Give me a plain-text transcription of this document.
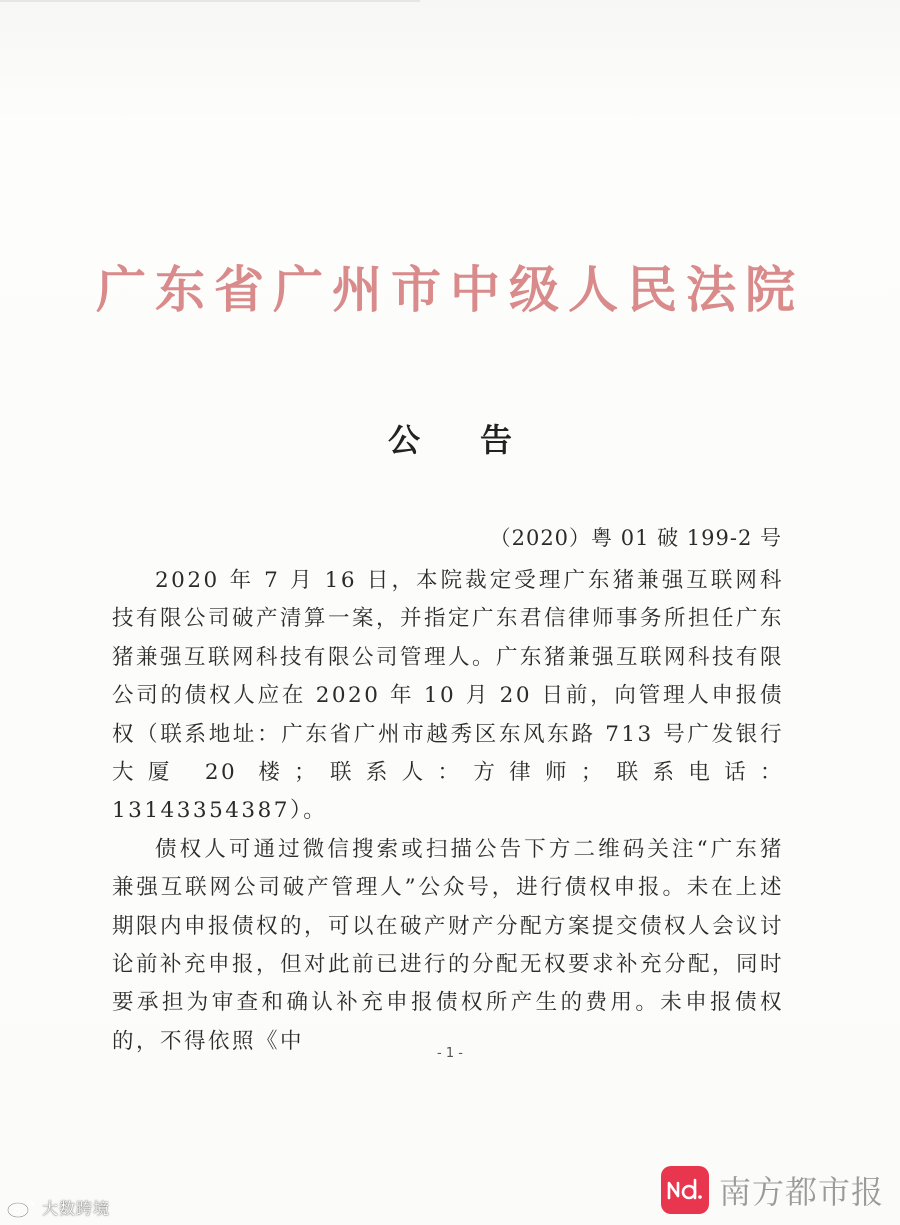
广东省广州市中级人民法院
公告
（2020）粤 01 破 199-2 号

2020 年 7 月 16 日，本院裁定受理广东猪兼强互联网科技有限公司破产清算一案，并指定广东君信律师事务所担任广东猪兼强互联网科技有限公司管理人。广东猪兼强互联网科技有限公司的债权人应在 2020 年 10 月 20 日前，向管理人申报债权（联系地址：广东省广州市越秀区东风东路 713 号广发银行大厦 20 楼；联系人：方律师；联系电话：13143354387）。

债权人可通过微信搜索或扫描公告下方二维码关注“广东猪兼强互联网公司破产管理人”公众号，进行债权申报。未在上述期限内申报债权的，可以在破产财产分配方案提交债权人会议讨论前补充申报，但对此前已进行的分配无权要求补充分配，同时要承担为审查和确认补充申报债权所产生的费用。未申报债权的，不得依照《中	- 1 -
大数跨境	南方都市报
